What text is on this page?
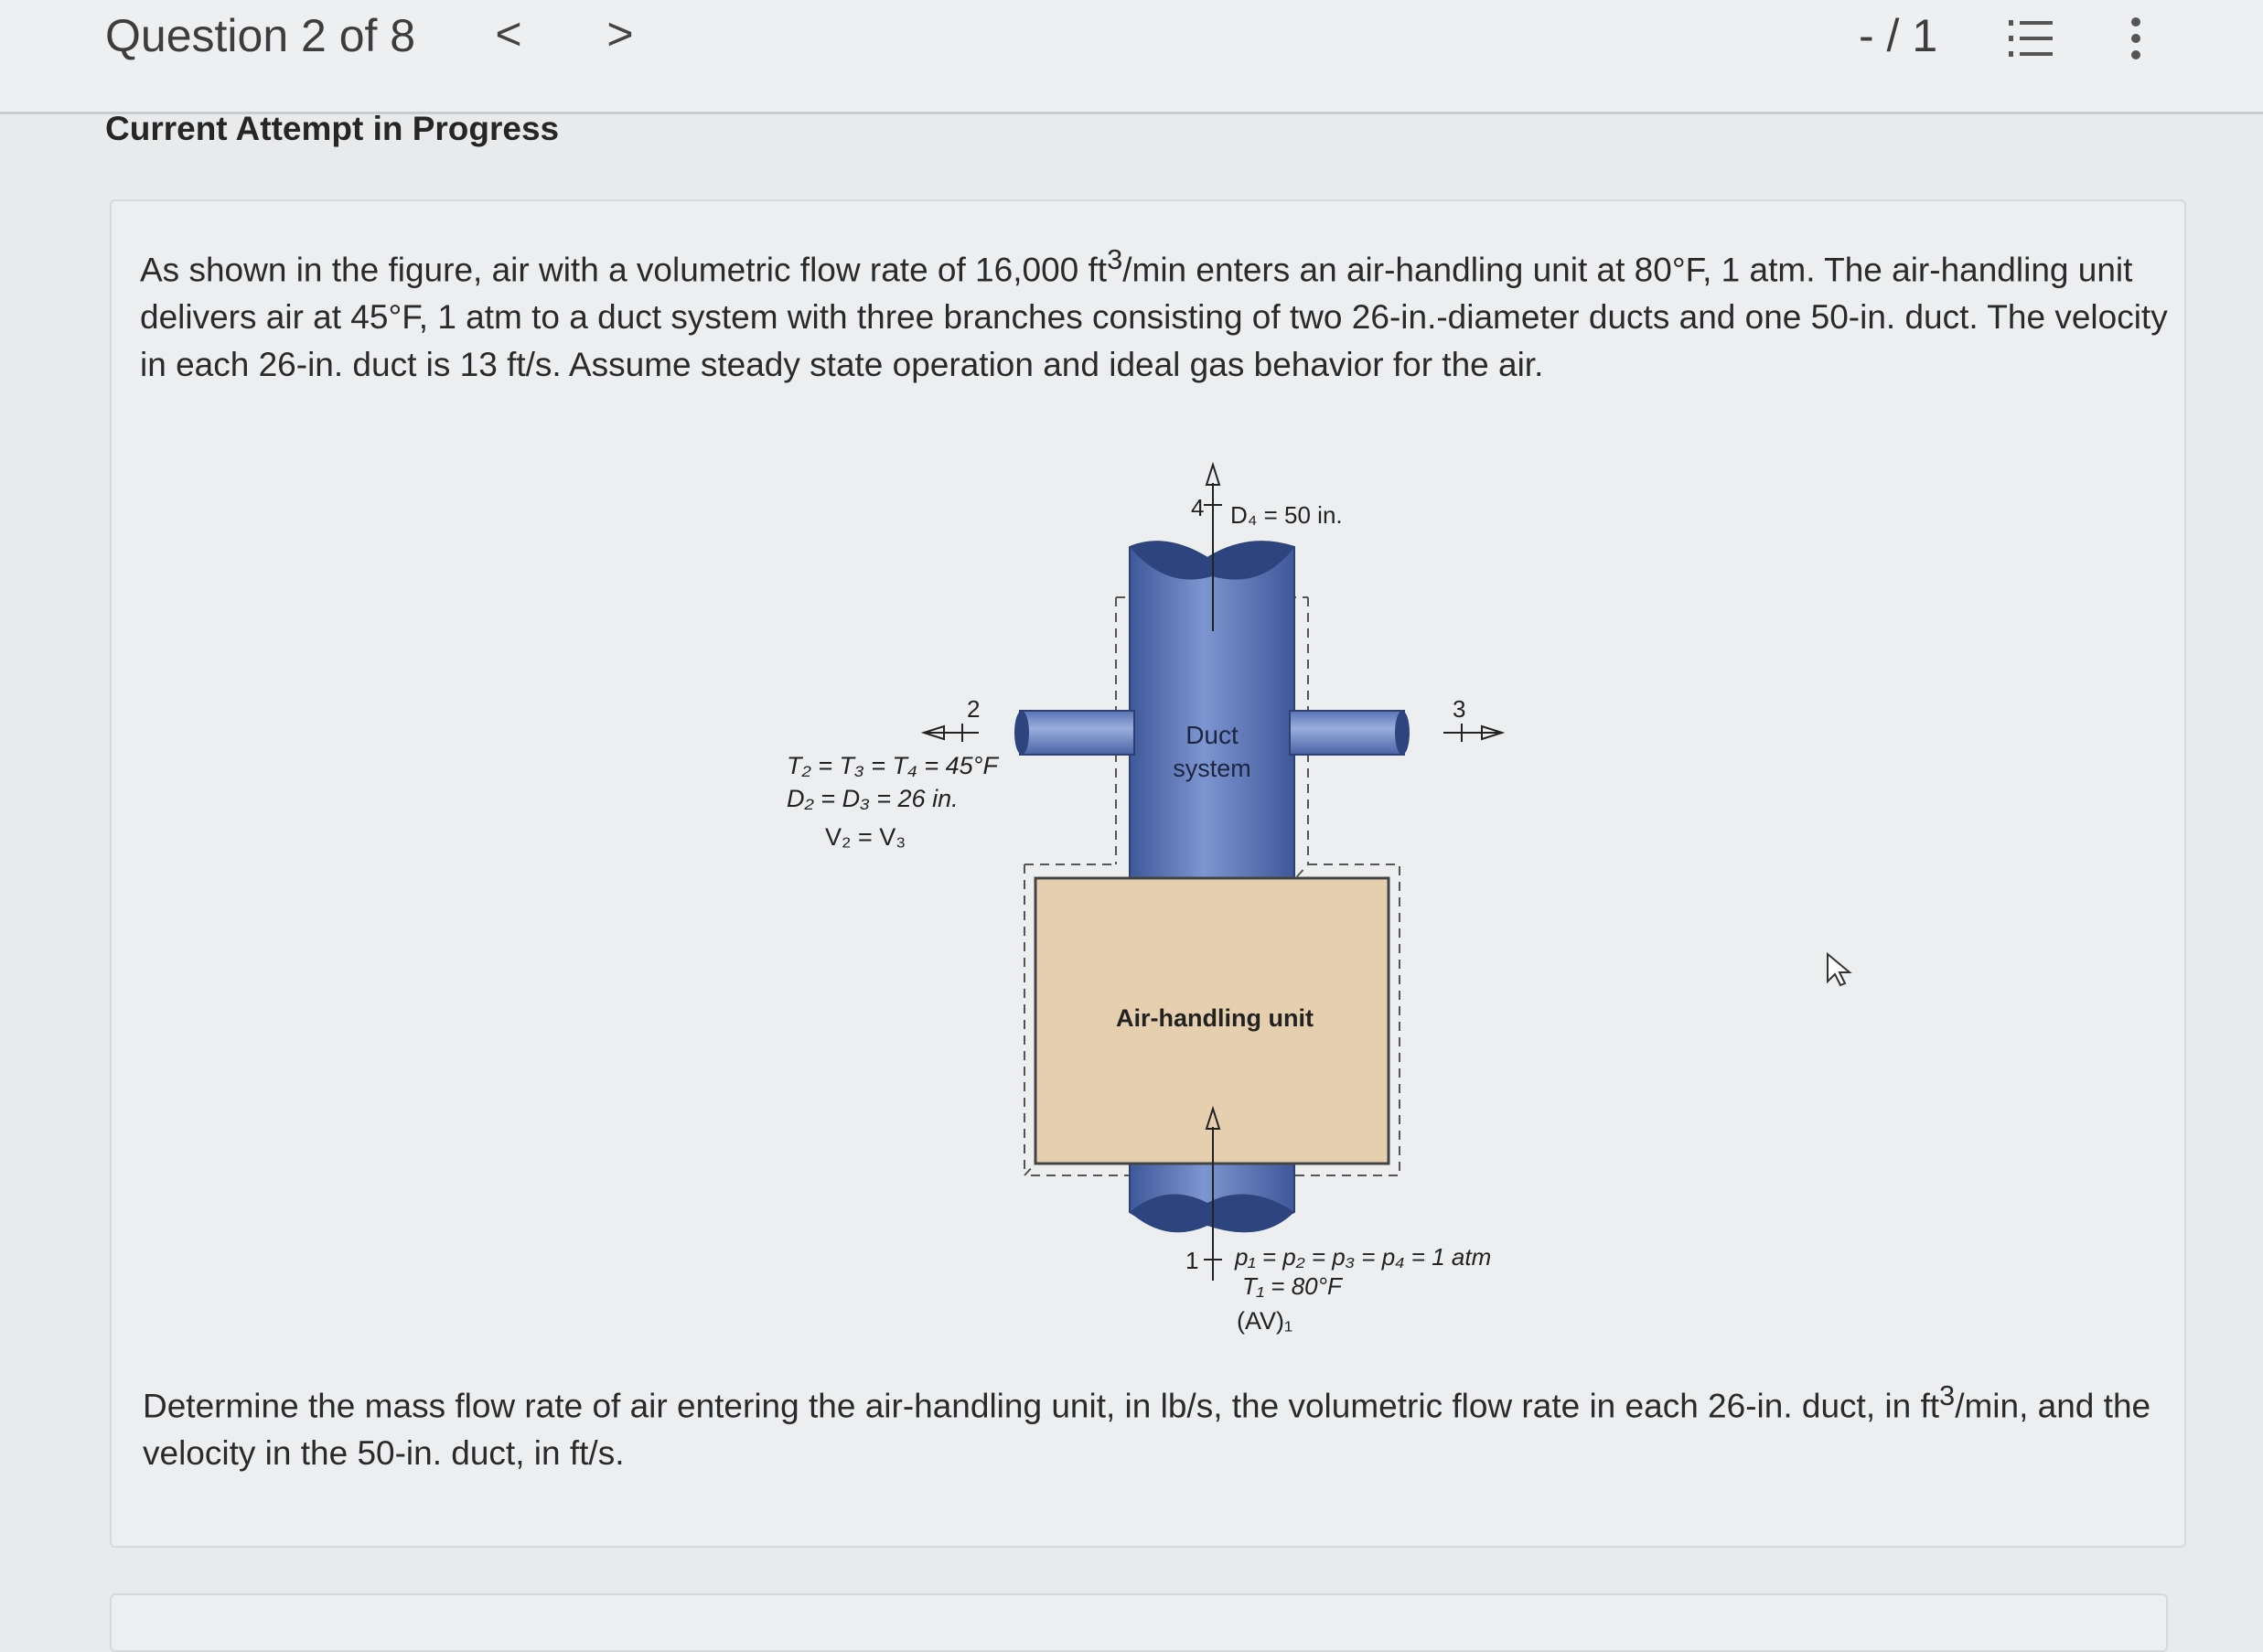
Question 2 of 8	<	>	- / 1
Current Attempt in Progress
As shown in the figure, air with a volumetric flow rate of 16,000 $ft^3/\min$ enters an air-handling unit at 80°F, 1 atm. The air-handling unit delivers air at 45°F, 1 atm to a duct system with three branches consisting of two 26-in.-diameter ducts and one 50-in. duct. The velocity in each 26-in. duct is 13 ft/s. Assume steady state operation and ideal gas behavior for the air.
4 D₄ = 50 in.
2	3
Duct
system
T₂ = T₃ = T₄ = 45°F
D₂ = D₃ = 26 in.
V₂ = V₃
Air-handling unit
1 p₁ = p₂ = p₃ = p₄ = 1 atm
T₁ = 80°F
(AV)₁
Determine the mass flow rate of air entering the air-handling unit, in lb/s, the volumetric flow rate in each 26-in. duct, in $ft^3/\min$, and the velocity in the 50-in. duct, in ft/s.
